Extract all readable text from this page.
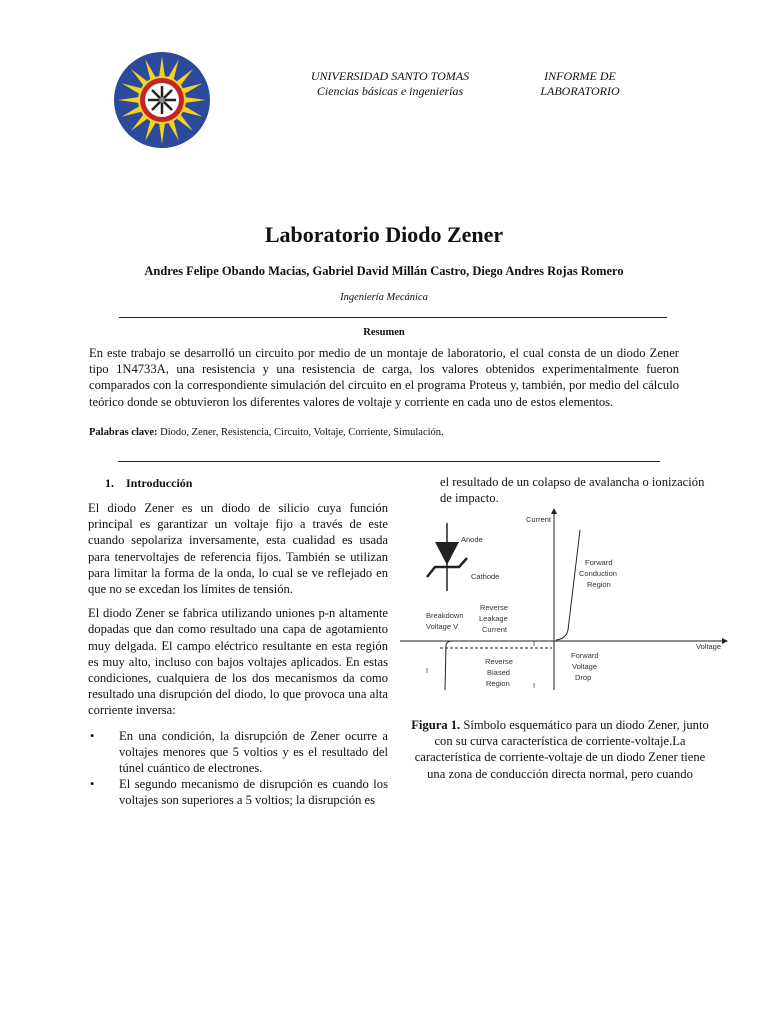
UNIVERSIDAD SANTO TOMAS
Ciencias básicas e ingenierías
INFORME DE
LABORATORIO
Laboratorio Diodo Zener
Andres Felipe Obando Macias, Gabriel David Millán Castro, Diego Andres Rojas Romero
Ingeniería Mecánica
Resumen

En este trabajo se desarrolló un circuito por medio de un montaje de laboratorio, el cual consta de un diodo Zener tipo 1N4733A, una resistencia y una resistencia de carga, los valores obtenidos experimentalmente fueron comparados con la correspondiente simulación del circuito en el programa Proteus y, también, por medio del cálculo teórico donde se obtuvieron los diferentes valores de voltaje y corriente en cada uno de estos elementos.

Palabras clave: Diodo, Zener, Resistencia, Circuito, Voltaje, Corriente, Simulación.

1.    Introducción

El diodo Zener es un diodo de silicio cuya función principal es garantizar un voltaje fijo a través de este cuando sepolariza inversamente, esta cualidad es usada para tenervoltajes de referencia fijos. También se utilizan para limitar la forma de la onda, lo cual se ve reflejado en que no se excedan los límites de tensión.

El diodo Zener se fabrica utilizando uniones p-n altamente dopadas que dan como resultado una capa de agotamiento muy delgada. El campo eléctrico resultante en esta región es muy alto, incluso con bajos voltajes aplicados. En estas condiciones, cualquiera de los dos mecanismos da como resultado una disrupción del diodo, lo que provoca una alta corriente inversa:

• En una condición, la disrupción de Zener ocurre a voltajes menores que 5 voltios y es el resultado del túnel cuántico de electrones.
• El segundo mecanismo de disrupción es cuando los voltajes son superiores a 5 voltios; la disrupción es

el resultado de un colapso de avalancha o ionización de impacto.

Current
Voltage
Anode
Cathode
Forward
Conduction
Region
Breakdown
Voltage V
Reverse
Leakage
Current
Reverse
Biased
Region
Forward
Voltage
Drop
I
I
I

Figura 1. Símbolo esquemático para un diodo Zener, junto con su curva característica de corriente-voltaje.La característica de corriente-voltaje de un diodo Zener tiene una zona de conducción directa normal, pero cuando
